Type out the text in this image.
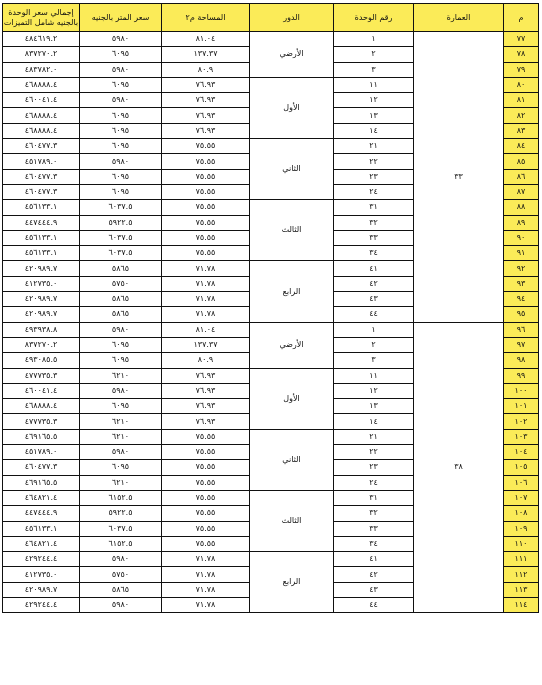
م	العمارة	رقم الوحدة	الدور	المساحة م٢	سعر المتر بالجنيه	إجمالي سعر الوحدة بالجنيه شامل التميزات
٧٧	٣٣	١	الأرضي	٨١.٠٤	٥٩٨٠	٤٨٤٦١٩.٢
٧٨		٢		١٣٧.٣٧	٦٠٩٥	٨٣٧٢٧٠.٢
٧٩		٣		٨٠.٩	٥٩٨٠	٤٨٣٧٨٢.٠
٨٠		١١	الأول	٧٦.٩٣	٦٠٩٥	٤٦٨٨٨٨.٤
٨١		١٢		٧٦.٩٣	٥٩٨٠	٤٦٠٠٤١.٤
٨٢		١٣		٧٦.٩٣	٦٠٩٥	٤٦٨٨٨٨.٤
٨٣		١٤		٧٦.٩٣	٦٠٩٥	٤٦٨٨٨٨.٤
٨٤		٢١	الثاني	٧٥.٥٥	٦٠٩٥	٤٦٠٤٧٧.٣
٨٥		٢٢		٧٥.٥٥	٥٩٨٠	٤٥١٧٨٩.٠
٨٦		٢٣		٧٥.٥٥	٦٠٩٥	٤٦٠٤٧٧.٣
٨٧		٢٤		٧٥.٥٥	٦٠٩٥	٤٦٠٤٧٧.٣
٨٨		٣١	الثالث	٧٥.٥٥	٦٠٣٧.٥	٤٥٦١٣٣.١
٨٩		٣٢		٧٥.٥٥	٥٩٢٢.٥	٤٤٧٤٤٤.٩
٩٠		٣٣		٧٥.٥٥	٦٠٣٧.٥	٤٥٦١٣٣.١
٩١		٣٤		٧٥.٥٥	٦٠٣٧.٥	٤٥٦١٣٣.١
٩٢		٤١	الرابع	٧١.٧٨	٥٨٦٥	٤٢٠٩٨٩.٧
٩٣		٤٢		٧١.٧٨	٥٧٥٠	٤١٢٧٣٥.٠
٩٤		٤٣		٧١.٧٨	٥٨٦٥	٤٢٠٩٨٩.٧
٩٥		٤٤		٧١.٧٨	٥٨٦٥	٤٢٠٩٨٩.٧
٩٦	٣٨	١	الأرضي	٨١.٠٤	٥٩٨٠	٤٩٣٩٣٨.٨
٩٧		٢		١٣٧.٣٧	٦٠٩٥	٨٣٧٢٧٠.٢
٩٨		٣		٨٠.٩	٦٠٩٥	٤٩٣٠٨٥.٥
٩٩		١١	الأول	٧٦.٩٣	٦٢١٠	٤٧٧٧٣٥.٣
١٠٠		١٢		٧٦.٩٣	٥٩٨٠	٤٦٠٠٤١.٤
١٠١		١٣		٧٦.٩٣	٦٠٩٥	٤٦٨٨٨٨.٤
١٠٢		١٤		٧٦.٩٣	٦٢١٠	٤٧٧٧٣٥.٣
١٠٣		٢١	الثاني	٧٥.٥٥	٦٢١٠	٤٦٩١٦٥.٥
١٠٤		٢٢		٧٥.٥٥	٥٩٨٠	٤٥١٧٨٩.٠
١٠٥		٢٣		٧٥.٥٥	٦٠٩٥	٤٦٠٤٧٧.٣
١٠٦		٢٤		٧٥.٥٥	٦٢١٠	٤٦٩١٦٥.٥
١٠٧		٣١	الثالث	٧٥.٥٥	٦١٥٢.٥	٤٦٤٨٢١.٤
١٠٨		٣٢		٧٥.٥٥	٥٩٢٢.٥	٤٤٧٤٤٤.٩
١٠٩		٣٣		٧٥.٥٥	٦٠٣٧.٥	٤٥٦١٣٣.١
١١٠		٣٤		٧٥.٥٥	٦١٥٢.٥	٤٦٤٨٢١.٤
١١١		٤١	الرابع	٧١.٧٨	٥٩٨٠	٤٢٩٢٤٤.٤
١١٢		٤٢		٧١.٧٨	٥٧٥٠	٤١٢٧٣٥.٠
١١٣		٤٣		٧١.٧٨	٥٨٦٥	٤٢٠٩٨٩.٧
١١٤		٤٤		٧١.٧٨	٥٩٨٠	٤٢٩٢٤٤.٤
